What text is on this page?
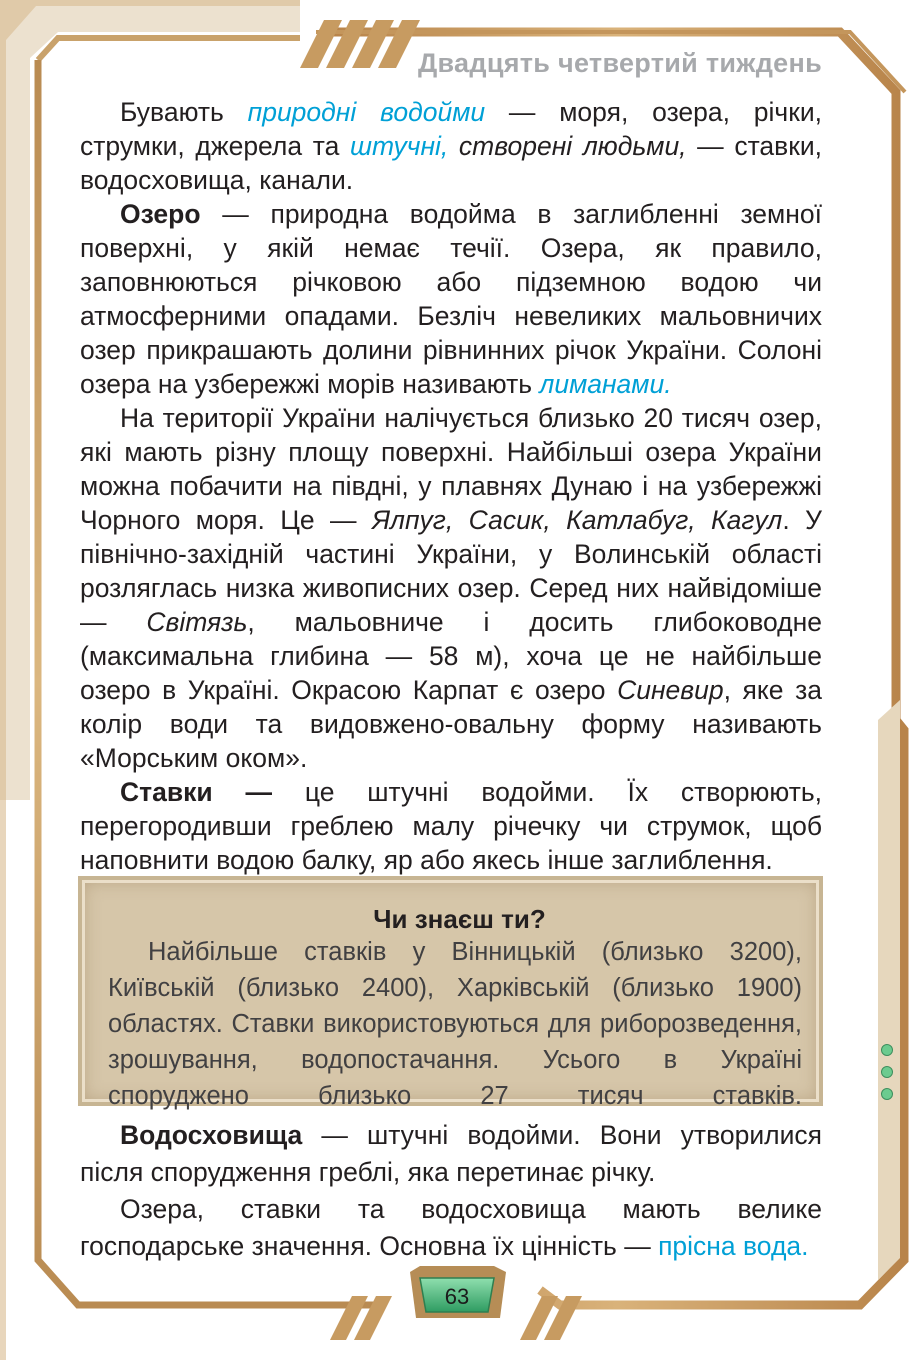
Двадцять четвертий тиждень

Бувають природні водойми — моря, озера, річки, струмки, джерела та штучні, створені людьми, — ставки, водосховища, канали.

Озеро — природна водойма в заглибленні земної поверхні, у якій немає течії. Озера, як правило, заповнюються річковою або підземною водою чи атмосферними опадами. Безліч невеликих мальовничих озер прикрашають долини рівнинних річок України. Солоні озера на узбережжі морів називають лиманами.

На території України налічується близько 20 тисяч озер, які мають різну площу поверхні. Найбільші озера України можна побачити на півдні, у плавнях Дунаю і на узбережжі Чорного моря. Це — Ялпуг, Сасик, Катлабуг, Кагул. У північно-західній частині України, у Волинській області розляглась низка живописних озер. Серед них найвідоміше — Світязь, мальовниче і досить глибоководне (максимальна глибина — 58 м), хоча це не найбільше озеро в Україні. Окрасою Карпат є озеро Синевир, яке за колір води та видовжено-овальну форму називають «Морським оком».

Ставки — це штучні водойми. Їх створюють, перегородивши греблею малу річечку чи струмок, щоб наповнити водою балку, яр або якесь інше заглиблення.

Чи знаєш ти?
Найбільше ставків у Вінницькій (близько 3200), Київській (близько 2400), Харківській (близько 1900) областях. Ставки використовуються для риборозведення, зрошування, водопостачання. Усього в Україні споруджено близько 27 тисяч ставків.

Водосховища — штучні водойми. Вони утворилися після спорудження греблі, яка перетинає річку.

Озера, ставки та водосховища мають велике господарське значення. Основна їх цінність — прісна вода.

63
